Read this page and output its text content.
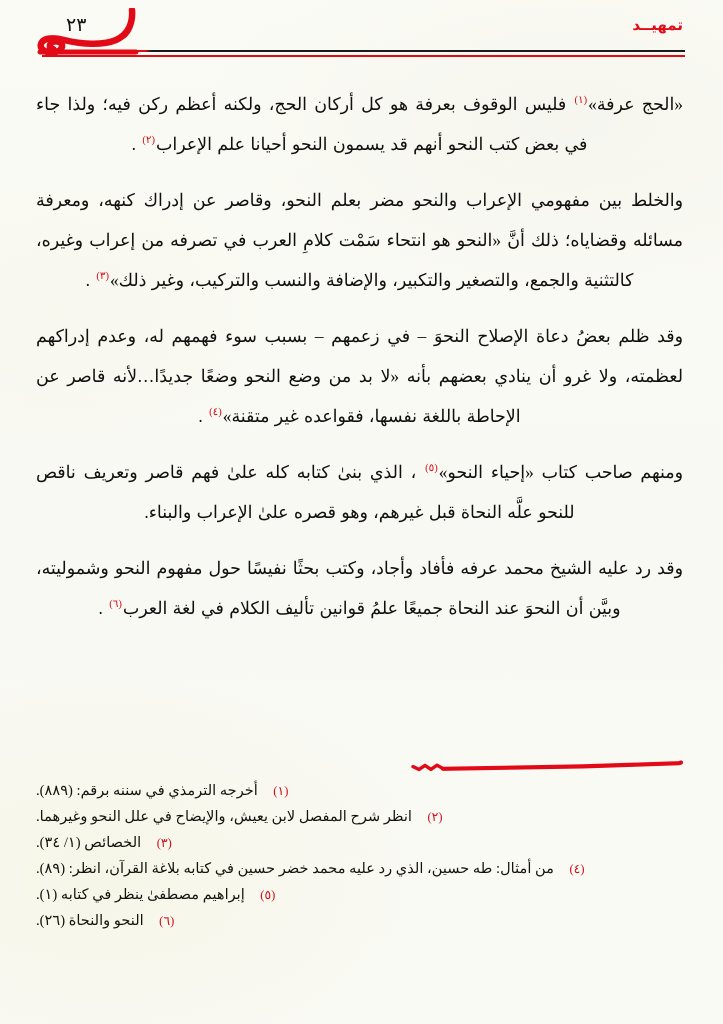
تمهيــد
٢٣

«الحج عرفة»$^{(١)}$ فليس الوقوف بعرفة هو كل أركان الحج، ولكنه أعظم ركن فيه؛ ولذا جاء في بعض كتب النحو أنهم قد يسمون النحو أحيانا علم الإعراب$^{(٢)}$ .

والخلط بين مفهومي الإعراب والنحو مضر بعلم النحو، وقاصر عن إدراك كنهه، ومعرفة مسائله وقضاياه؛ ذلك أنَّ «النحو هو انتحاء سَمْت كلامِ العرب في تصرفه من إعراب وغيره، كالتثنية والجمع، والتصغير والتكبير، والإضافة والنسب والتركيب، وغير ذلك»$^{(٣)}$ .

وقد ظلم بعضُ دعاة الإصلاح النحوَ – في زعمهم – بسبب سوء فهمهم له، وعدم إدراكهم لعظمته، ولا غرو أن ينادي بعضهم بأنه «لا بد من وضع النحو وضعًا جديدًا…لأنه قاصر عن الإحاطة باللغة نفسها، فقواعده غير متقنة»$^{(٤)}$ .

ومنهم صاحب كتاب «إحياء النحو»$^{(٥)}$ ، الذي بنىٰ كتابه كله علىٰ فهم قاصر وتعريف ناقص للنحو علَّه النحاة قبل غيرهم، وهو قصره علىٰ الإعراب والبناء.

وقد رد عليه الشيخ محمد عرفه فأفاد وأجاد، وكتب بحثًا نفيسًا حول مفهوم النحو وشموليته، وبيَّن أن النحوَ عند النحاة جميعًا علمُ قوانين تأليف الكلام في لغة العرب$^{(٦)}$ .

(١)
أخرجه الترمذي في سننه برقم: (٨٨٩).
(٢)
انظر شرح المفصل لابن يعيش، والإيضاح في علل النحو وغيرهما.
(٣)
الخصائص (١/ ٣٤).
(٤)
من أمثال: طه حسين، الذي رد عليه محمد خضر حسين في كتابه بلاغة القرآن، انظر: (٨٩).
(٥)
إبراهيم مصطفىٰ ينظر في كتابه (١).
(٦)
النحو والنحاة (٢٦).
